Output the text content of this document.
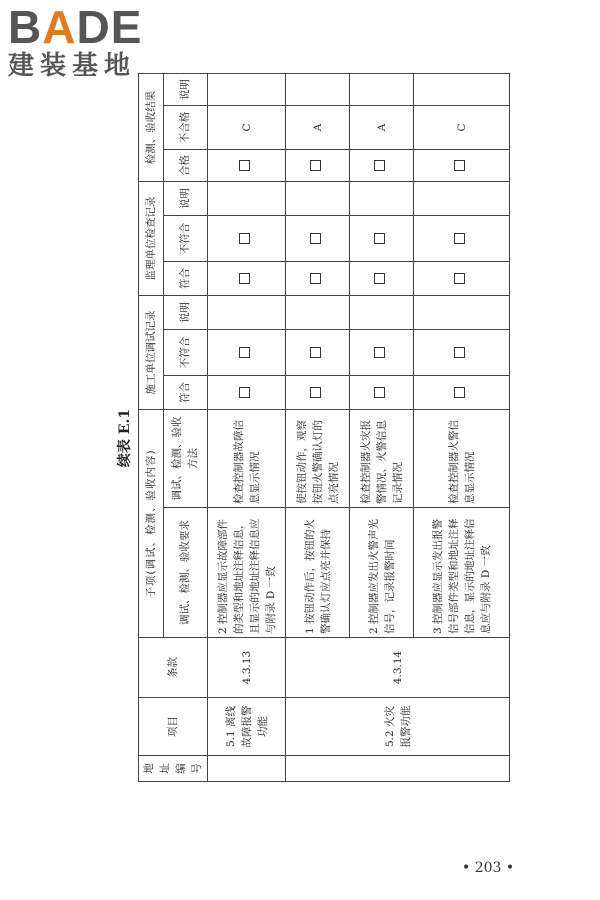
BADE
建装基地
续表 E.1
地址编号	项目	条款	子项(调试、检测、验收内容)		施工单位调试记录			监理单位检查记录			检测、验收结果		
			调试、检测、验收要求	调试、检测、验收方法	符合	不符合	说明	符合	不符合	说明	合格	不合格	说明
	5.1 离线故障报警功能	4.3.13	2 控制器应显示故障部件的类型和地址注释信息，且显示的地址注释信息应与附录 D 一致	检查控制器故障信息显示情况								C	
	5.2 火灾报警功能	4.3.14	1 按钮动作后，按钮的火警确认灯应点亮并保持	使按钮动作，观察按钮火警确认灯的点亮情况								A	
			2 控制器应发出火警声光信号，记录报警时间	检查控制器火灾报警情况、火警信息记录情况								A	
			3 控制器应显示发出报警信号部件类型和地址注释信息，显示的地址注释信息应与附录 D 一致	检查控制器火警信息显示情况								C	
• 203 •
